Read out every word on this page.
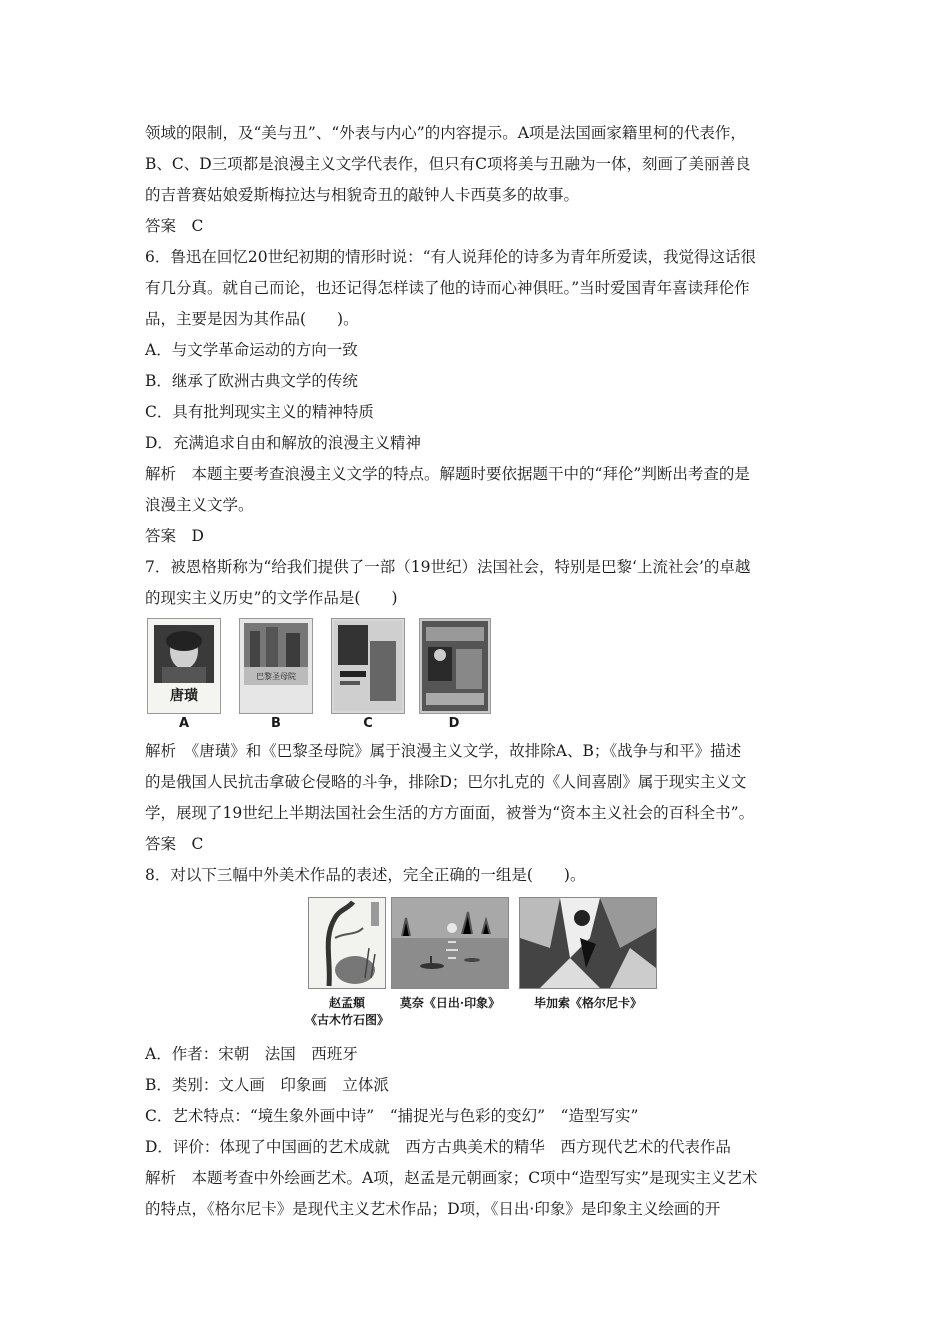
领域的限制，及“美与丑”、“外表与内心”的内容提示。A项是法国画家籍里柯的代表作，
B、C、D三项都是浪漫主义文学代表作，但只有C项将美与丑融为一体，刻画了美丽善良
的吉普赛姑娘爱斯梅拉达与相貌奇丑的敲钟人卡西莫多的故事。
答案　C
6．鲁迅在回忆20世纪初期的情形时说：“有人说拜伦的诗多为青年所爱读，我觉得这话很
有几分真。就自己而论，也还记得怎样读了他的诗而心神俱旺。”当时爱国青年喜读拜伦作
品，主要是因为其作品(　　)。
A．与文学革命运动的方向一致
B．继承了欧洲古典文学的传统
C．具有批判现实主义的精神特质
D．充满追求自由和解放的浪漫主义精神
解析　本题主要考查浪漫主义文学的特点。解题时要依据题干中的“拜伦”判断出考查的是
浪漫主义文学。
答案　D
7．被恩格斯称为“给我们提供了一部（19世纪）法国社会，特别是巴黎‘上流社会’的卓越
的现实主义历史”的文学作品是(　　)
唐璜
巴黎圣母院
A	B	C	D
解析　《唐璜》和《巴黎圣母院》属于浪漫主义文学，故排除A、B；《战争与和平》描述
的是俄国人民抗击拿破仑侵略的斗争，排除D；巴尔扎克的《人间喜剧》属于现实主义文
学，展现了19世纪上半期法国社会生活的方方面面，被誉为“资本主义社会的百科全书”。
答案　C
8．对以下三幅中外美术作品的表述，完全正确的一组是(　　)。
赵孟頫
《古木竹石图》
莫奈《日出·印象》	毕加索《格尔尼卡》
A．作者：宋朝　法国　西班牙
B．类别：文人画　印象画　立体派
C．艺术特点：“境生象外画中诗”　“捕捉光与色彩的变幻”　“造型写实”
D．评价：体现了中国画的艺术成就　西方古典美术的精华　西方现代艺术的代表作品
解析　本题考查中外绘画艺术。A项，赵孟是元朝画家；C项中“造型写实”是现实主义艺术
的特点，《格尔尼卡》是现代主义艺术作品；D项，《日出·印象》是印象主义绘画的开
